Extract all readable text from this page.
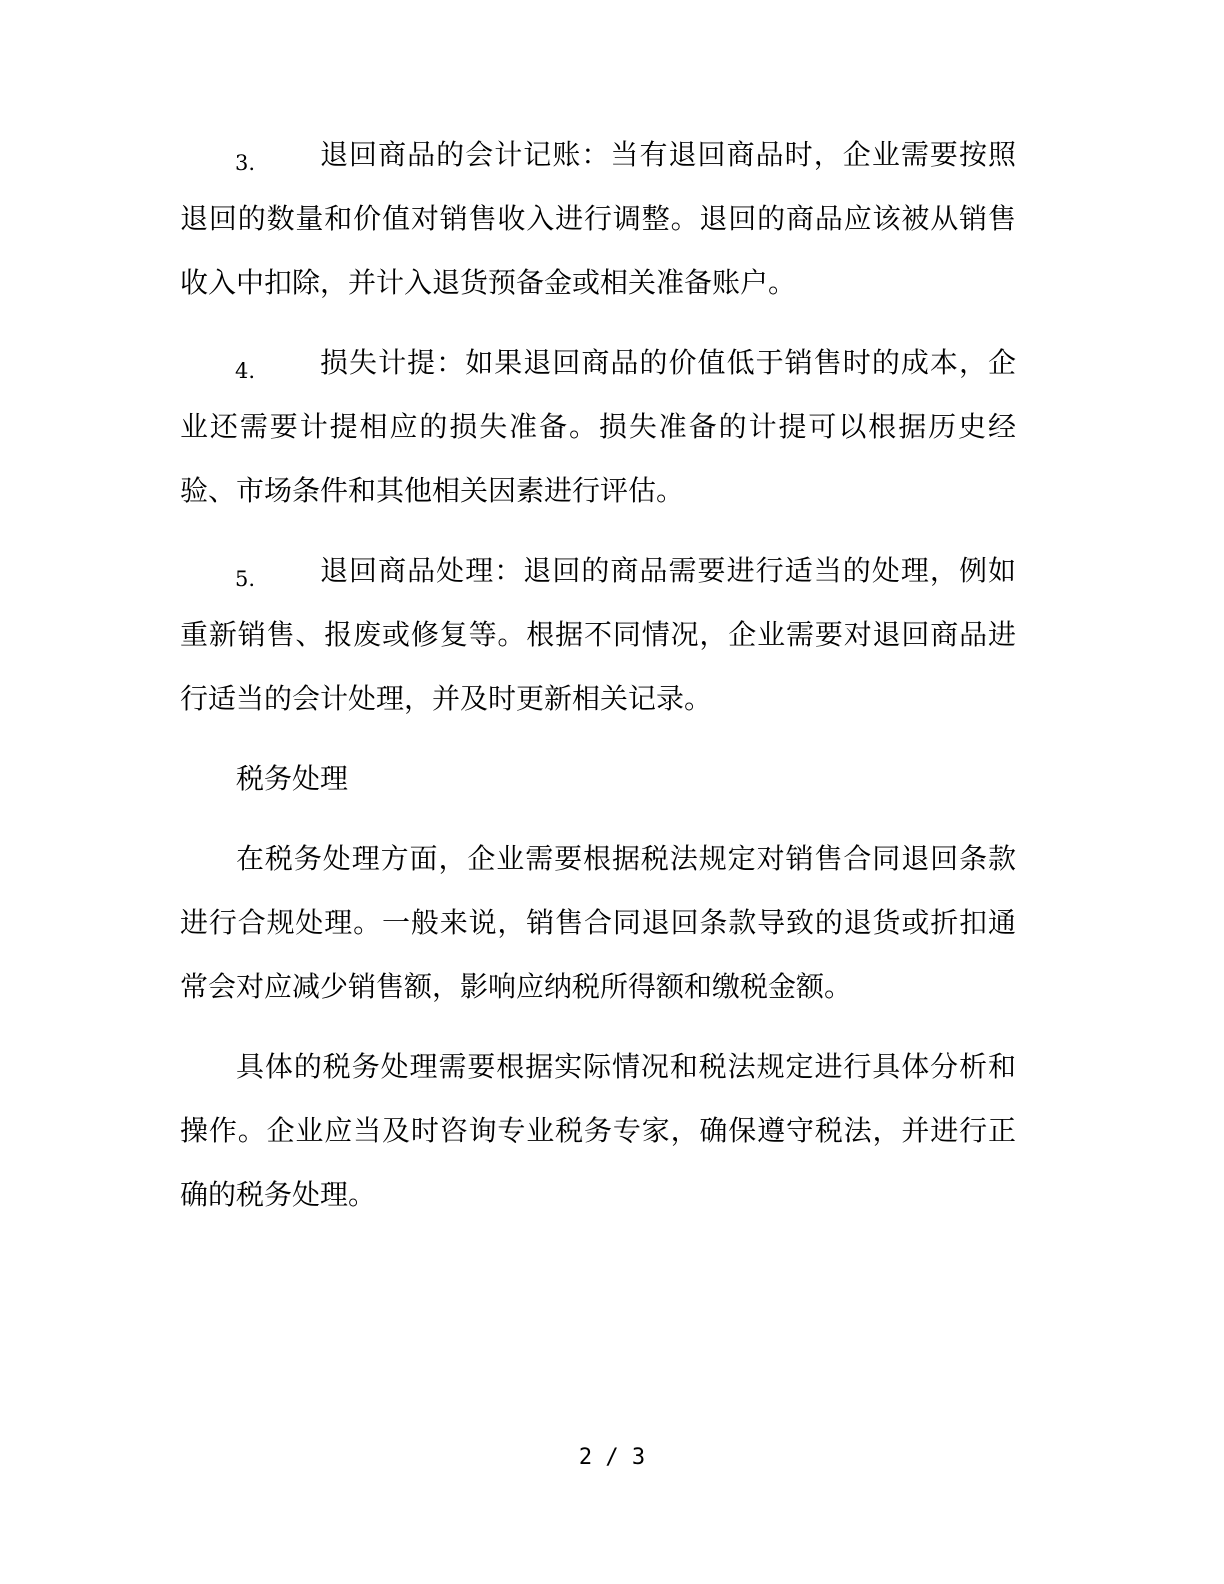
3. 退回商品的会计记账：当有退回商品时，企业需要按照退回的数量和价值对销售收入进行调整。退回的商品应该被从销售收入中扣除，并计入退货预备金或相关准备账户。

4. 损失计提：如果退回商品的价值低于销售时的成本，企业还需要计提相应的损失准备。损失准备的计提可以根据历史经验、市场条件和其他相关因素进行评估。

5. 退回商品处理：退回的商品需要进行适当的处理，例如重新销售、报废或修复等。根据不同情况，企业需要对退回商品进行适当的会计处理，并及时更新相关记录。

税务处理

在税务处理方面，企业需要根据税法规定对销售合同退回条款进行合规处理。一般来说，销售合同退回条款导致的退货或折扣通常会对应减少销售额，影响应纳税所得额和缴税金额。

具体的税务处理需要根据实际情况和税法规定进行具体分析和操作。企业应当及时咨询专业税务专家，确保遵守税法，并进行正确的税务处理。

2 / 3
